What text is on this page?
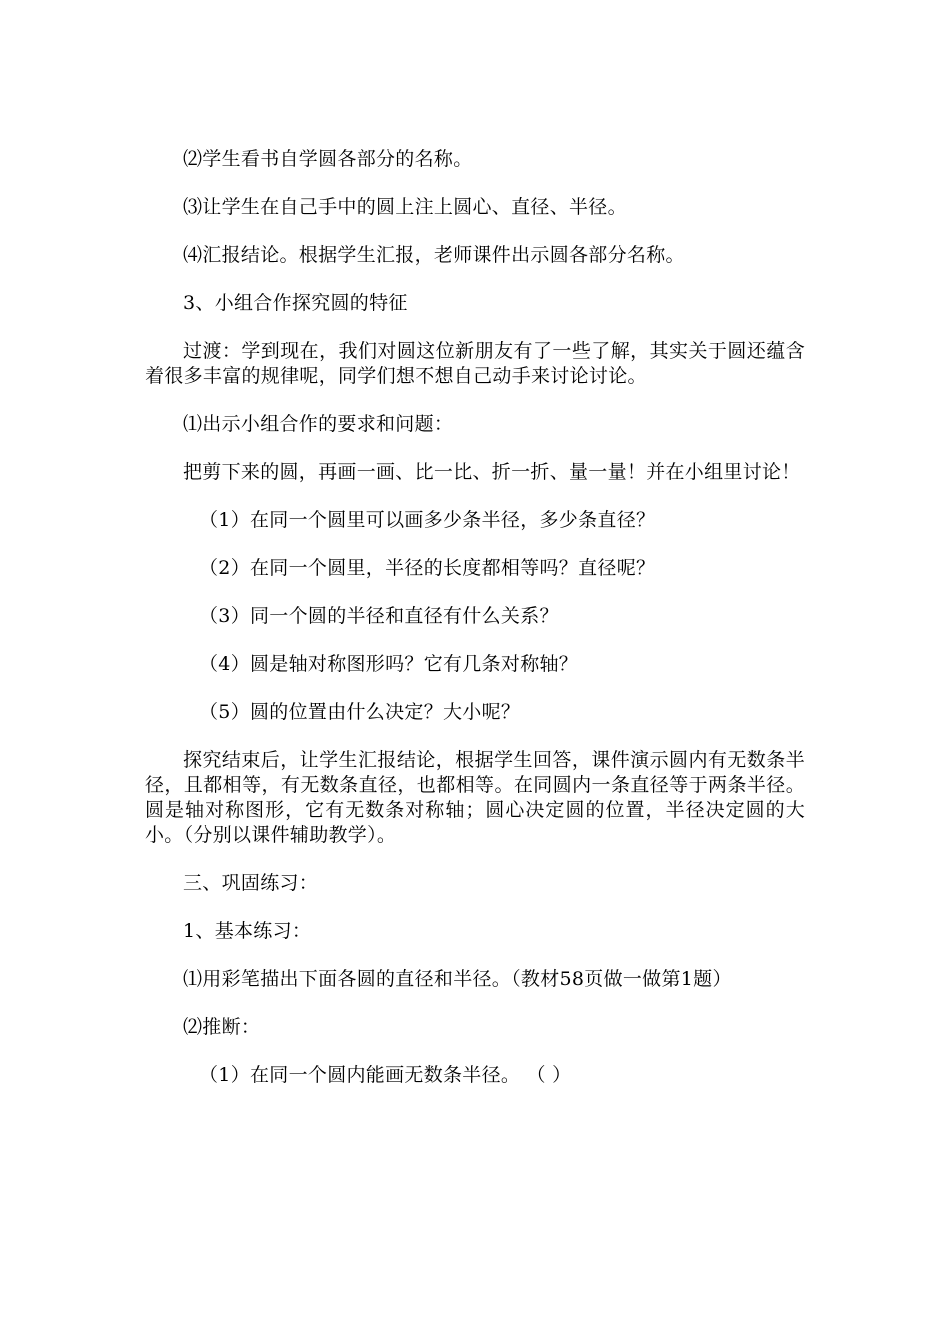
⑵学生看书自学圆各部分的名称。

⑶让学生在自己手中的圆上注上圆心、直径、半径。

⑷汇报结论。根据学生汇报，老师课件出示圆各部分名称。

3、小组合作探究圆的特征

过渡：学到现在，我们对圆这位新朋友有了一些了解，其实关于圆还蕴含着很多丰富的规律呢，同学们想不想自己动手来讨论讨论。

⑴出示小组合作的要求和问题：

把剪下来的圆，再画一画、比一比、折一折、量一量！并在小组里讨论！

（1）在同一个圆里可以画多少条半径，多少条直径？

（2）在同一个圆里，半径的长度都相等吗？直径呢？

（3）同一个圆的半径和直径有什么关系？

（4）圆是轴对称图形吗？它有几条对称轴？

（5）圆的位置由什么决定？大小呢？

探究结束后，让学生汇报结论，根据学生回答，课件演示圆内有无数条半径，且都相等，有无数条直径，也都相等。在同圆内一条直径等于两条半径。圆是轴对称图形，它有无数条对称轴；圆心决定圆的位置，半径决定圆的大小。（分别以课件辅助教学）。

三、巩固练习：

1、基本练习：

⑴用彩笔描出下面各圆的直径和半径。（教材58页做一做第1题）

⑵推断：

（1）在同一个圆内能画无数条半径。 （ ）
